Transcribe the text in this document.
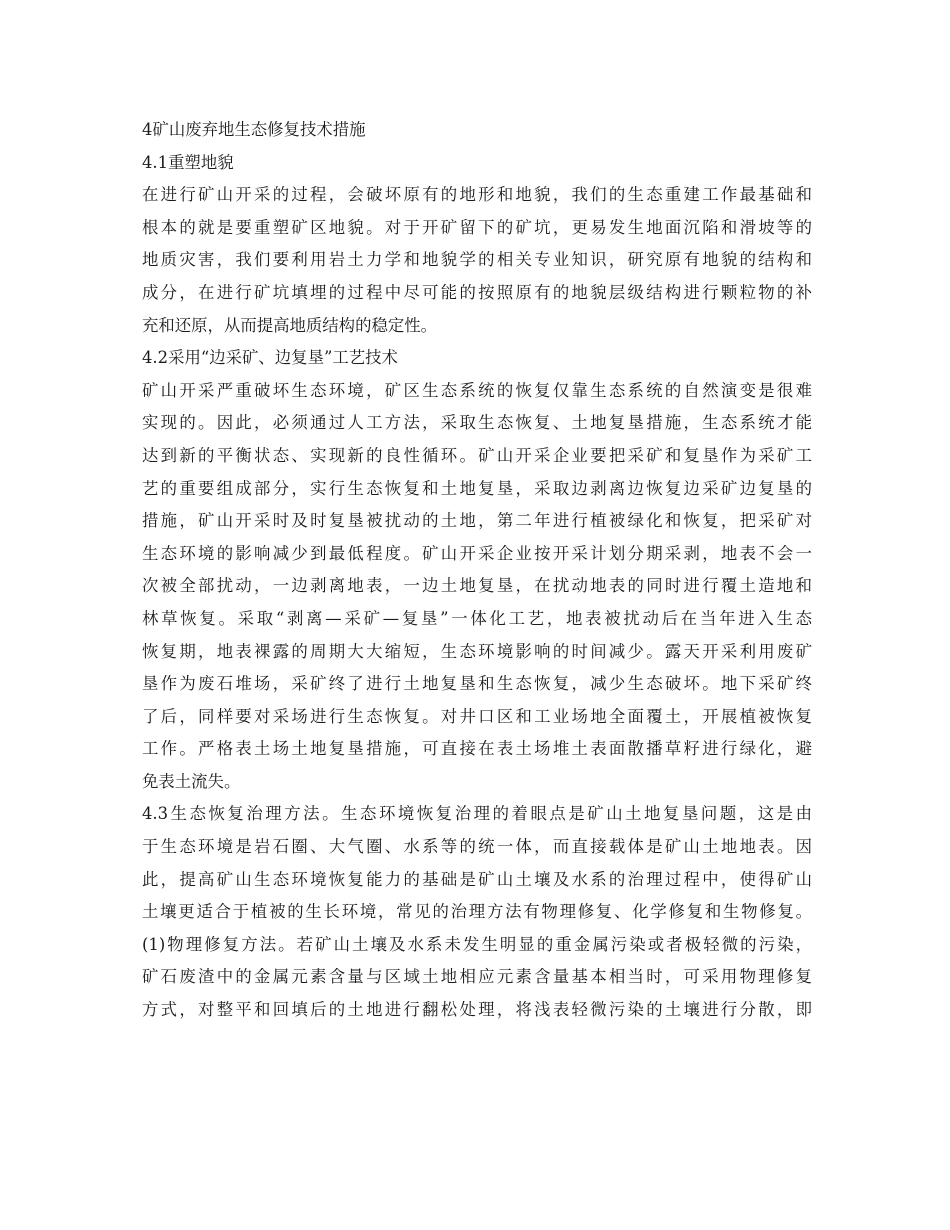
4矿山废弃地生态修复技术措施
4.1重塑地貌
在进行矿山开采的过程，会破坏原有的地形和地貌，我们的生态重建工作最基础和
根本的就是要重塑矿区地貌。对于开矿留下的矿坑，更易发生地面沉陷和滑坡等的
地质灾害，我们要利用岩土力学和地貌学的相关专业知识，研究原有地貌的结构和
成分，在进行矿坑填埋的过程中尽可能的按照原有的地貌层级结构进行颗粒物的补
充和还原，从而提高地质结构的稳定性。
4.2采用“边采矿、边复垦”工艺技术
矿山开采严重破坏生态环境，矿区生态系统的恢复仅靠生态系统的自然演变是很难
实现的。因此，必须通过人工方法，采取生态恢复、土地复垦措施，生态系统才能
达到新的平衡状态、实现新的良性循环。矿山开采企业要把采矿和复垦作为采矿工
艺的重要组成部分，实行生态恢复和土地复垦，采取边剥离边恢复边采矿边复垦的
措施，矿山开采时及时复垦被扰动的土地，第二年进行植被绿化和恢复，把采矿对
生态环境的影响减少到最低程度。矿山开采企业按开采计划分期采剥，地表不会一
次被全部扰动，一边剥离地表，一边土地复垦，在扰动地表的同时进行覆土造地和
林草恢复。采取“剥离—采矿—复垦”一体化工艺，地表被扰动后在当年进入生态
恢复期，地表裸露的周期大大缩短，生态环境影响的时间减少。露天开采利用废矿
垦作为废石堆场，采矿终了进行土地复垦和生态恢复，减少生态破坏。地下采矿终
了后，同样要对采场进行生态恢复。对井口区和工业场地全面覆土，开展植被恢复
工作。严格表土场土地复垦措施，可直接在表土场堆土表面散播草籽进行绿化，避
免表土流失。
4.3生态恢复治理方法。生态环境恢复治理的着眼点是矿山土地复垦问题，这是由
于生态环境是岩石圈、大气圈、水系等的统一体，而直接载体是矿山土地地表。因
此，提高矿山生态环境恢复能力的基础是矿山土壤及水系的治理过程中，使得矿山
土壤更适合于植被的生长环境，常见的治理方法有物理修复、化学修复和生物修复。
(1)物理修复方法。若矿山土壤及水系未发生明显的重金属污染或者极轻微的污染，
矿石废渣中的金属元素含量与区域土地相应元素含量基本相当时，可采用物理修复
方式，对整平和回填后的土地进行翻松处理，将浅表轻微污染的土壤进行分散，即
